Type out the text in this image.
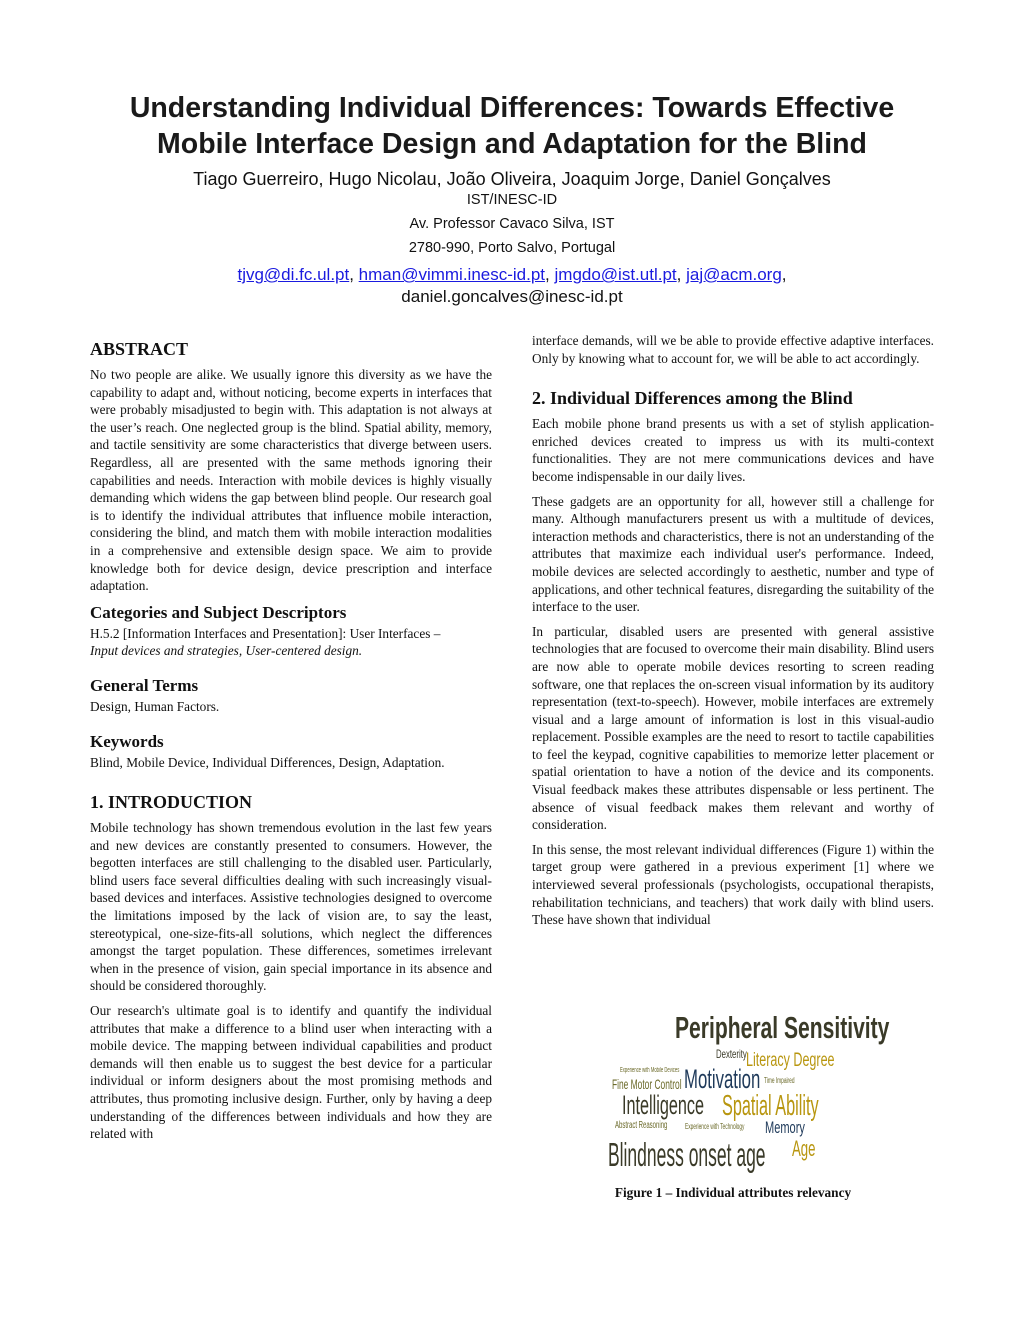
Understanding Individual Differences: Towards Effective
Mobile Interface Design and Adaptation for the Blind
Tiago Guerreiro, Hugo Nicolau, João Oliveira, Joaquim Jorge, Daniel Gonçalves
IST/INESC-ID
Av. Professor Cavaco Silva, IST
2780-990, Porto Salvo, Portugal
tjvg@di.fc.ul.pt, hman@vimmi.inesc-id.pt, jmgdo@ist.utl.pt, jaj@acm.org,
daniel.goncalves@inesc-id.pt
ABSTRACT

No two people are alike. We usually ignore this diversity as we have the capability to adapt and, without noticing, become experts in interfaces that were probably misadjusted to begin with. This adaptation is not always at the user’s reach. One neglected group is the blind. Spatial ability, memory, and tactile sensitivity are some characteristics that diverge between users. Regardless, all are presented with the same methods ignoring their capabilities and needs. Interaction with mobile devices is highly visually demanding which widens the gap between blind people. Our research goal is to identify the individual attributes that influence mobile interaction, considering the blind, and match them with mobile interaction modalities in a comprehensive and extensible design space. We aim to provide knowledge both for device design, device prescription and interface adaptation.

Categories and Subject Descriptors

H.5.2 [Information Interfaces and Presentation]: User Interfaces –
Input devices and strategies, User-centered design.

General Terms

Design, Human Factors.

Keywords

Blind, Mobile Device, Individual Differences, Design, Adaptation.

1. INTRODUCTION

Mobile technology has shown tremendous evolution in the last few years and new devices are constantly presented to consumers. However, the begotten interfaces are still challenging to the disabled user. Particularly, blind users face several difficulties dealing with such increasingly visual-based devices and interfaces. Assistive technologies designed to overcome the limitations imposed by the lack of vision are, to say the least, stereotypical, one-size-fits-all solutions, which neglect the differences amongst the target population. These differences, sometimes irrelevant when in the presence of vision, gain special importance in its absence and should be considered thoroughly.

Our research's ultimate goal is to identify and quantify the individual attributes that make a difference to a blind user when interacting with a mobile device. The mapping between individual capabilities and product demands will then enable us to suggest the best device for a particular individual or inform designers about the most promising methods and attributes, thus promoting inclusive design. Further, only by having a deep understanding of the differences between individuals and how they are related with

interface demands, will we be able to provide effective adaptive interfaces. Only by knowing what to account for, we will be able to act accordingly.

2. Individual Differences among the Blind

Each mobile phone brand presents us with a set of stylish application-enriched devices created to impress us with its multi-context functionalities. They are not mere communications devices and have become indispensable in our daily lives.

These gadgets are an opportunity for all, however still a challenge for many. Although manufacturers present us with a multitude of devices, interaction methods and characteristics, there is not an understanding of the attributes that maximize each individual user's performance. Indeed, mobile devices are selected accordingly to aesthetic, number and type of applications, and other technical features, disregarding the suitability of the interface to the user.

In particular, disabled users are presented with general assistive technologies that are focused to overcome their main disability. Blind users are now able to operate mobile devices resorting to screen reading software, one that replaces the on-screen visual information by its auditory representation (text-to-speech). However, mobile interfaces are extremely visual and a large amount of information is lost in this visual-audio replacement. Possible examples are the need to resort to tactile capabilities to feel the keypad, cognitive capabilities to memorize letter placement or spatial orientation to have a notion of the device and its components. Visual feedback makes these attributes dispensable or less pertinent. The absence of visual feedback makes them relevant and worthy of consideration.

In this sense, the most relevant individual differences (Figure 1) within the target group were gathered in a previous experiment [1] where we interviewed several professionals (psychologists, occupational therapists, rehabilitation technicians, and teachers) that work daily with blind users. These have shown that individual

Peripheral Sensitivity
Dexterity Literacy Degree
Experience with Mobile Devices
Fine Motor Control Motivation Time Impaired
Intelligence Spatial Ability
Abstract Reasoning Experience with Technology Memory
Blindness onset age Age
Figure 1 – Individual attributes relevancy
